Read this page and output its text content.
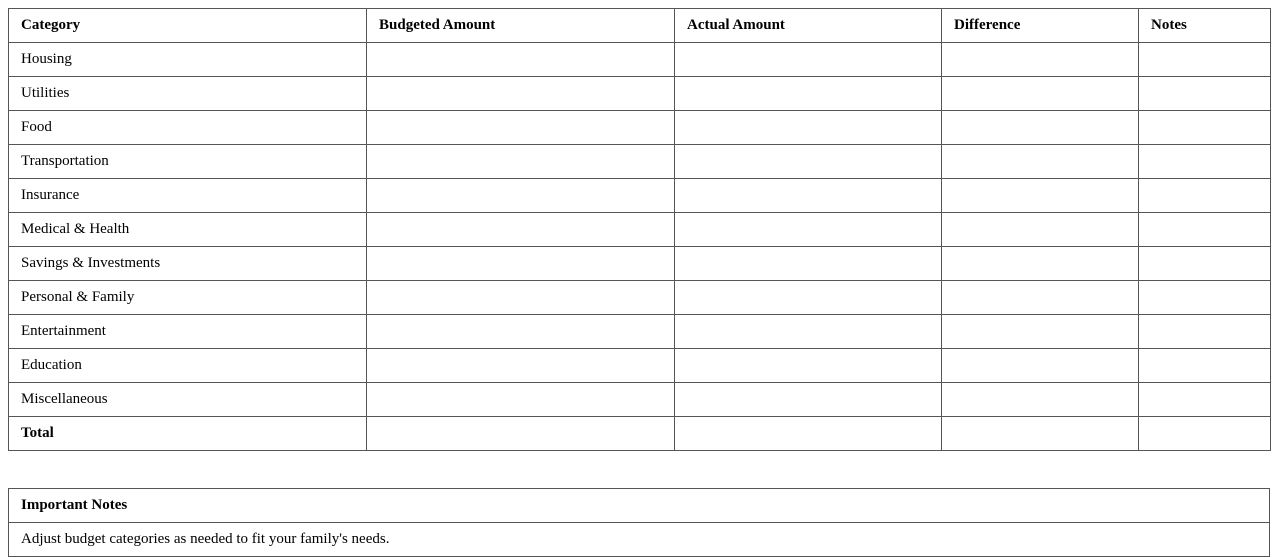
Category	Budgeted Amount	Actual Amount	Difference	Notes
Housing				
Utilities				
Food				
Transportation				
Insurance				
Medical & Health				
Savings & Investments				
Personal & Family				
Entertainment				
Education				
Miscellaneous				
Total				
Important Notes
Adjust budget categories as needed to fit your family's needs.
